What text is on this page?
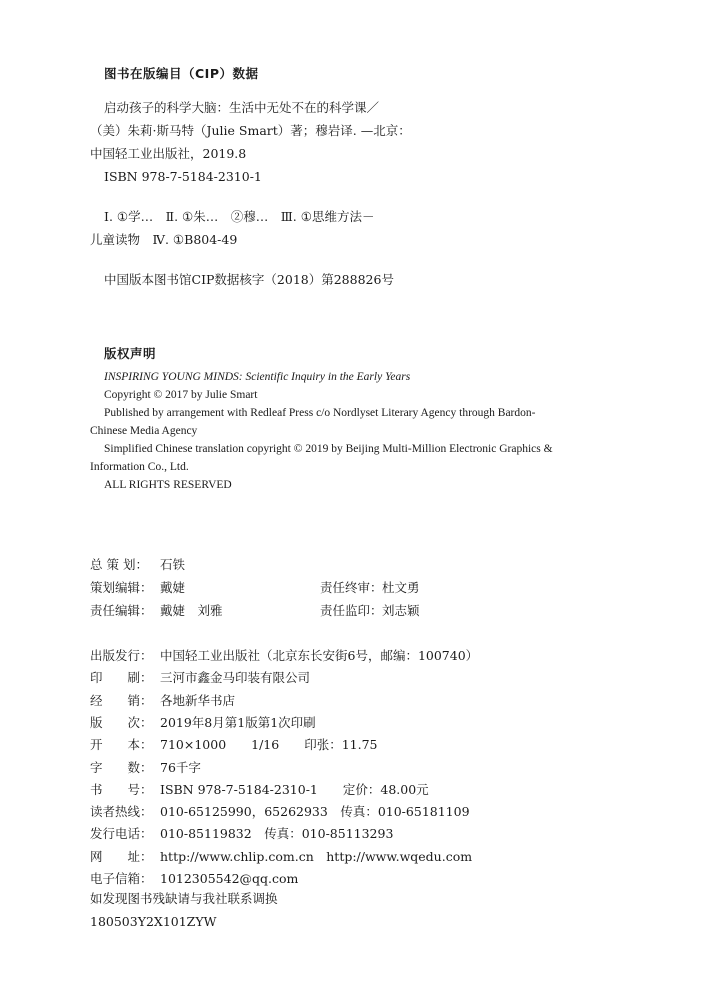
图书在版编目（CIP）数据
启动孩子的科学大脑：生活中无处不在的科学课／
（美）朱莉·斯马特（Julie Smart）著；穆岩译. —北京：
中国轻工业出版社，2019.8
ISBN 978-7-5184-2310-1
Ⅰ. ①学…　Ⅱ. ①朱…　②穆…　Ⅲ. ①思维方法－
儿童读物　Ⅳ. ①B804-49
中国版本图书馆CIP数据核字（2018）第288826号
版权声明
INSPIRING YOUNG MINDS: Scientific Inquiry in the Early Years
Copyright © 2017 by Julie Smart
Published by arrangement with Redleaf Press c/o Nordlyset Literary Agency through Bardon-
Chinese Media Agency
Simplified Chinese translation copyright © 2019 by Beijing Multi-Million Electronic Graphics &
Information Co., Ltd.
ALL RIGHTS RESERVED
总 策 划： 石铁
策划编辑： 戴婕	责任终审： 杜文勇
责任编辑： 戴婕　刘雅	责任监印： 刘志颖
出版发行： 中国轻工业出版社（北京东长安街6号，邮编：100740）
印　　刷： 三河市鑫金马印装有限公司
经　　销： 各地新华书店
版　　次： 2019年8月第1版第1次印刷
开　　本： 710×1000　　1/16　　印张：11.75
字　　数： 76千字
书　　号： ISBN 978-7-5184-2310-1　　定价：48.00元
读者热线： 010-65125990，65262933　传真：010-65181109
发行电话： 010-85119832　传真：010-85113293
网　　址： http://www.chlip.com.cn　http://www.wqedu.com
电子信箱： 1012305542@qq.com
如发现图书残缺请与我社联系调换
180503Y2X101ZYW
